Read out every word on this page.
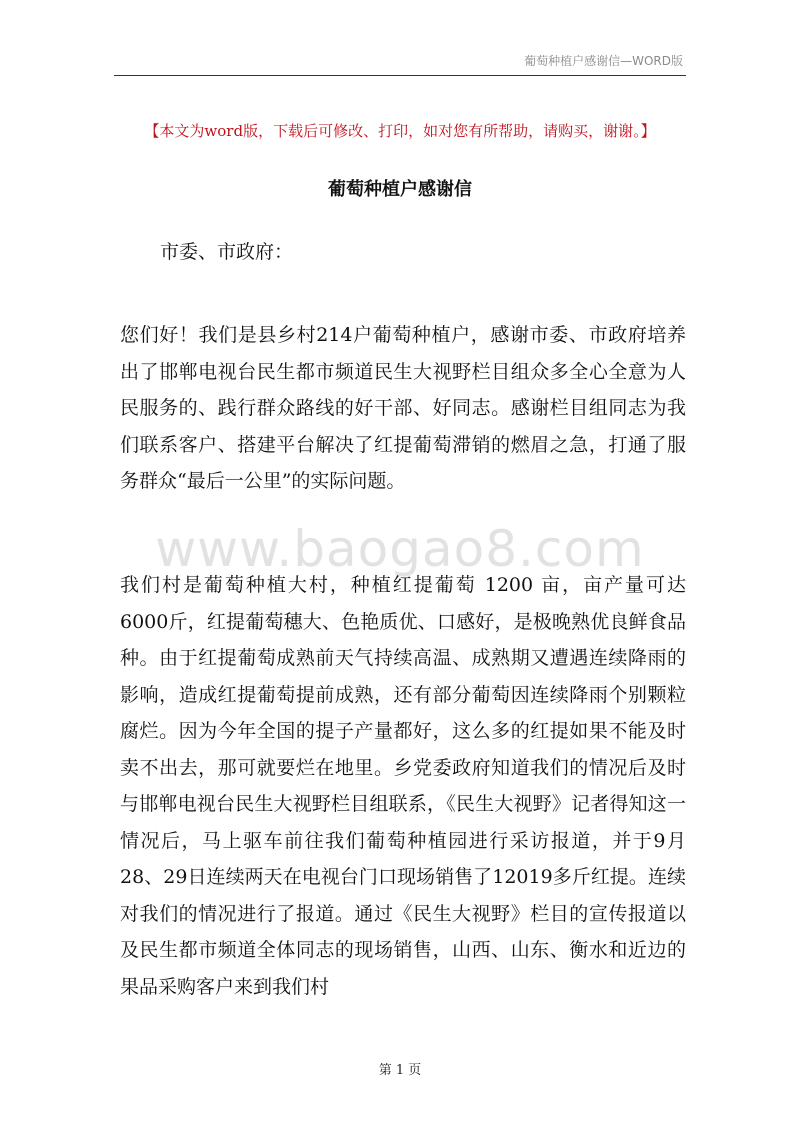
葡萄种植户感谢信—WORD版
【本文为word版，下载后可修改、打印，如对您有所帮助，请购买，谢谢。】
葡萄种植户感谢信
市委、市政府：
您们好！我们是县乡村214户葡萄种植户，感谢市委、市政府培养出了邯郸电视台民生都市频道民生大视野栏目组众多全心全意为人民服务的、践行群众路线的好干部、好同志。感谢栏目组同志为我们联系客户、搭建平台解决了红提葡萄滞销的燃眉之急，打通了服务群众“最后一公里”的实际问题。
www.baogao8.com
我们村是葡萄种植大村，种植红提葡萄 1200 亩，亩产量可达 6000斤，红提葡萄穗大、色艳质优、口感好，是极晚熟优良鲜食品种。由于红提葡萄成熟前天气持续高温、成熟期又遭遇连续降雨的影响，造成红提葡萄提前成熟，还有部分葡萄因连续降雨个别颗粒腐烂。因为今年全国的提子产量都好，这么多的红提如果不能及时卖不出去，那可就要烂在地里。乡党委政府知道我们的情况后及时与邯郸电视台民生大视野栏目组联系，《民生大视野》记者得知这一情况后，马上驱车前往我们葡萄种植园进行采访报道，并于9月28、29日连续两天在电视台门口现场销售了12019多斤红提。连续对我们的情况进行了报道。通过《民生大视野》栏目的宣传报道以及民生都市频道全体同志的现场销售，山西、山东、衡水和近边的果品采购客户来到我们村
第 1 页
